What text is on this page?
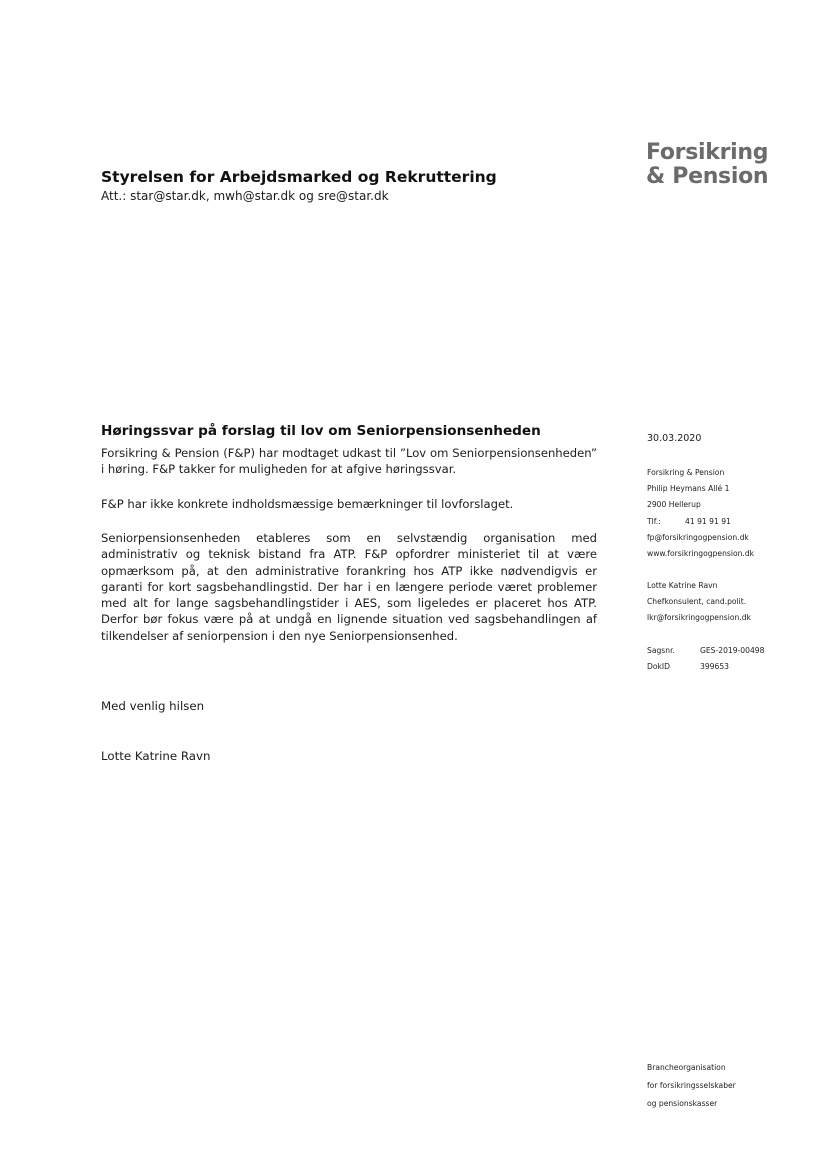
Forsikring
& Pension

Styrelsen for Arbejdsmarked og Rekruttering

Att.: star@star.dk, mwh@star.dk og sre@star.dk

Høringssvar på forslag til lov om Seniorpensionsenheden

Forsikring & Pension (F&P) har modtaget udkast til ”Lov om Seniorpensionsenheden” i høring. F&P takker for muligheden for at afgive høringssvar.

F&P har ikke konkrete indholdsmæssige bemærkninger til lovforslaget.

Seniorpensionsenheden etableres som en selvstændig organisation med administrativ og teknisk bistand fra ATP. F&P opfordrer ministeriet til at være opmærksom på, at den administrative forankring hos ATP ikke nødvendigvis er garanti for kort sagsbehandlingstid. Der har i en længere periode været problemer med alt for lange sagsbehandlingstider i AES, som ligeledes er placeret hos ATP. Derfor bør fokus være på at undgå en lignende situation ved sagsbehandlingen af tilkendelser af seniorpension i den nye Seniorpensionsenhed.

Med venlig hilsen

Lotte Katrine Ravn

30.03.2020

Forsikring & Pension
Philip Heymans Allé 1
2900 Hellerup
Tlf.:	41 91 91 91
fp@forsikringogpension.dk
www.forsikringogpension.dk
Lotte Katrine Ravn
Chefkonsulent, cand.polit.
lkr@forsikringogpension.dk
Sagsnr.	GES-2019-00498
DokID	399653
Brancheorganisation
for forsikringsselskaber
og pensionskasser
